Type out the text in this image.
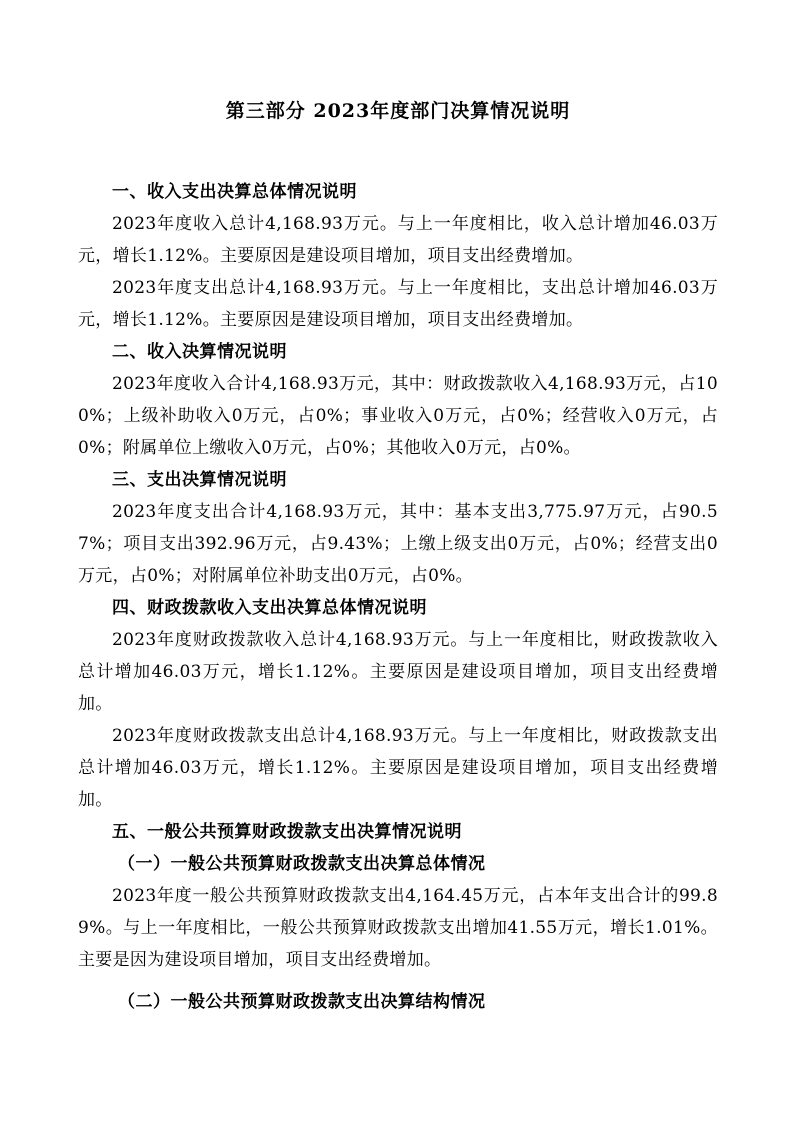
第三部分 2023年度部门决算情况说明

一、收入支出决算总体情况说明

2023年度收入总计4,168.93万元。与上一年度相比，收入总计增加46.03万元，增长1.12%。主要原因是建设项目增加，项目支出经费增加。

2023年度支出总计4,168.93万元。与上一年度相比，支出总计增加46.03万元，增长1.12%。主要原因是建设项目增加，项目支出经费增加。

二、收入决算情况说明

2023年度收入合计4,168.93万元，其中：财政拨款收入4,168.93万元，占100%；上级补助收入0万元，占0%；事业收入0万元，占0%；经营收入0万元，占0%；附属单位上缴收入0万元，占0%；其他收入0万元，占0%。

三、支出决算情况说明

2023年度支出合计4,168.93万元，其中：基本支出3,775.97万元，占90.57%；项目支出392.96万元，占9.43%；上缴上级支出0万元，占0%；经营支出0万元，占0%；对附属单位补助支出0万元，占0%。

四、财政拨款收入支出决算总体情况说明

2023年度财政拨款收入总计4,168.93万元。与上一年度相比，财政拨款收入总计增加46.03万元，增长1.12%。主要原因是建设项目增加，项目支出经费增加。

2023年度财政拨款支出总计4,168.93万元。与上一年度相比，财政拨款支出总计增加46.03万元，增长1.12%。主要原因是建设项目增加，项目支出经费增加。

五、一般公共预算财政拨款支出决算情况说明

（一）一般公共预算财政拨款支出决算总体情况

2023年度一般公共预算财政拨款支出4,164.45万元，占本年支出合计的99.89%。与上一年度相比，一般公共预算财政拨款支出增加41.55万元，增长1.01%。主要是因为建设项目增加，项目支出经费增加。

（二）一般公共预算财政拨款支出决算结构情况
